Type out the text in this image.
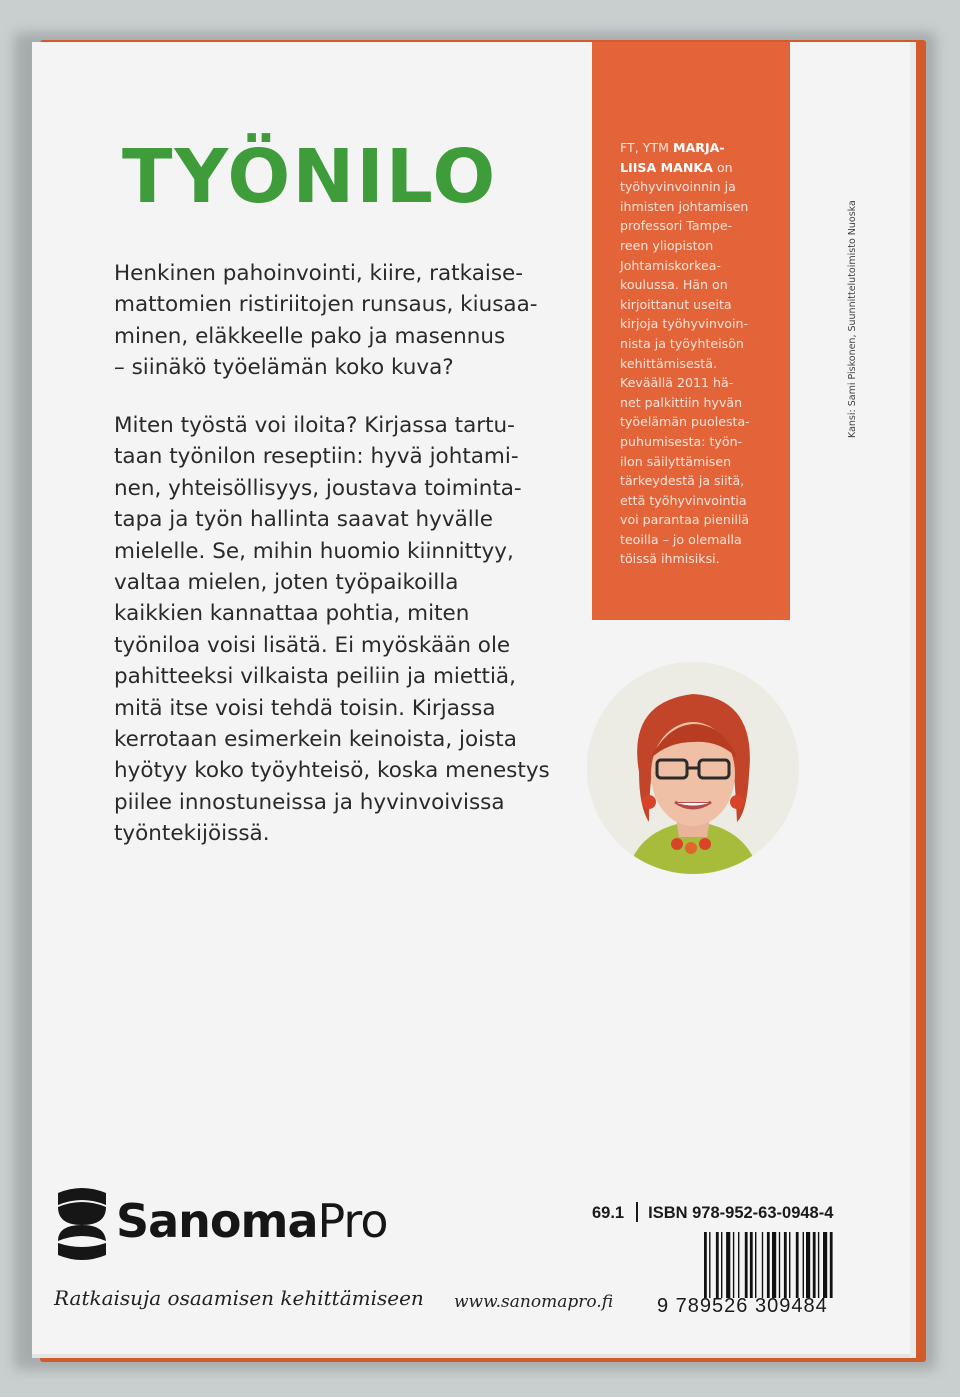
TYÖNILO
Henkinen pahoinvointi, kiire, ratkaise-
mattomien ristiriitojen runsaus, kiusaa-
minen, eläkkeelle pako ja masennus
– siinäkö työelämän koko kuva?
Miten työstä voi iloita? Kirjassa tartu-
taan työnilon reseptiin: hyvä johtami-
nen, yhteisöllisyys, joustava toiminta-
tapa ja työn hallinta saavat hyvälle
mielelle. Se, mihin huomio kiinnittyy,
valtaa mielen, joten työpaikoilla
kaikkien kannattaa pohtia, miten
työniloa voisi lisätä. Ei myöskään ole
pahitteeksi vilkaista peiliin ja miettiä,
mitä itse voisi tehdä toisin. Kirjassa
kerrotaan esimerkein keinoista, joista
hyötyy koko työyhteisö, koska menestys
piilee innostuneissa ja hyvinvoivissa
työntekijöissä.
FT, YTM MARJA-
LIISA MANKA on
työhyvinvoinnin ja
ihmisten johtamisen
professori Tampe-
reen yliopiston
Johtamiskorkea-
koulussa. Hän on
kirjoittanut useita
kirjoja työhyvinvoin-
nista ja työyhteisön
kehittämisestä.
Keväällä 2011 hä-
net palkittiin hyvän
työelämän puolesta-
puhumisesta: työn-
ilon säilyttämisen
tärkeydestä ja siitä,
että työhyvinvointia
voi parantaa pienillä
teoilla – jo olemalla
töissä ihmisiksi.
Kansi: Sami Piskonen, Suunnittelutoimisto Nuoska
SanomaPro
Ratkaisuja osaamisen kehittämiseen www.sanomapro.fi
69.1 ISBN 978-952-63-0948-4
9 789526 309484
